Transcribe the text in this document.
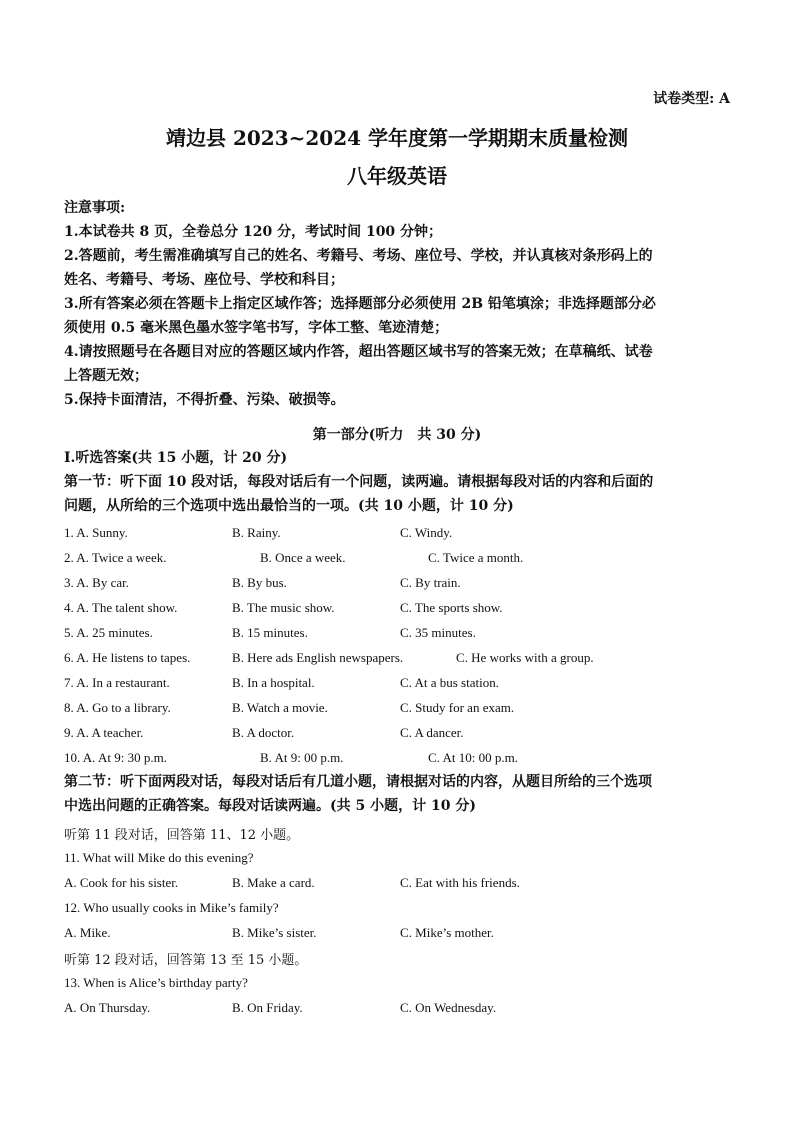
试卷类型: A
靖边县 2023~2024 学年度第一学期期末质量检测
八年级英语
注意事项:
1.本试卷共 8 页，全卷总分 120 分，考试时间 100 分钟；
2.答题前，考生需准确填写自己的姓名、考籍号、考场、座位号、学校，并认真核对条形码上的
姓名、考籍号、考场、座位号、学校和科目；
3.所有答案必须在答题卡上指定区域作答；选择题部分必须使用 2B 铅笔填涂；非选择题部分必
须使用 0.5 毫米黑色墨水签字笔书写，字体工整、笔迹清楚；
4.请按照题号在各题目对应的答题区域内作答，超出答题区域书写的答案无效；在草稿纸、试卷
上答题无效；
5.保持卡面清洁，不得折叠、污染、破损等。
第一部分(听力　共 30 分)
Ⅰ.听选答案(共 15 小题，计 20 分)
第一节：听下面 10 段对话，每段对话后有一个问题，读两遍。请根据每段对话的内容和后面的
问题，从所给的三个选项中选出最恰当的一项。(共 10 小题，计 10 分)
1. A. Sunny.	B. Rainy.	C. Windy.
2. A. Twice a week.	B. Once a week.	C. Twice a month.
3. A. By car.	B. By bus.	C. By train.
4. A. The talent show.	B. The music show.	C. The sports show.
5. A. 25 minutes.	B. 15 minutes.	C. 35 minutes.
6. A. He listens to tapes.	B. Here ads English newspapers.	C. He works with a group.
7. A. In a restaurant.	B. In a hospital.	C. At a bus station.
8. A. Go to a library.	B. Watch a movie.	C. Study for an exam.
9. A. A teacher.	B. A doctor.	C. A dancer.
10. A. At 9: 30 p.m.	B. At 9: 00 p.m.	C. At 10: 00 p.m.
第二节：听下面两段对话，每段对话后有几道小题，请根据对话的内容，从题目所给的三个选项
中选出问题的正确答案。每段对话读两遍。(共 5 小题，计 10 分)
听第 11 段对话，回答第 11、12 小题。
11. What will Mike do this evening?
A. Cook for his sister.	B. Make a card.	C. Eat with his friends.
12. Who usually cooks in Mike’s family?
A. Mike.	B. Mike’s sister.	C. Mike’s mother.
听第 12 段对话，回答第 13 至 15 小题。
13. When is Alice’s birthday party?
A. On Thursday.	B. On Friday.	C. On Wednesday.
